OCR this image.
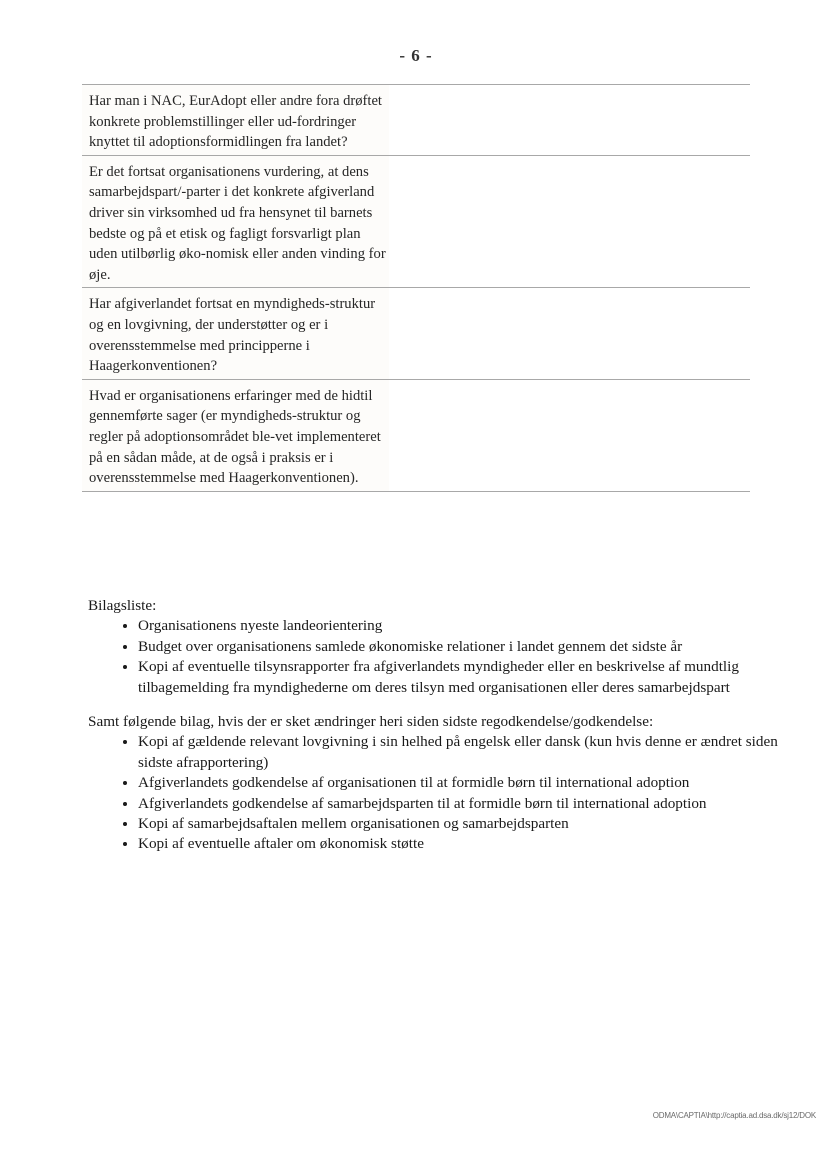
- 6 -
Har man i NAC, EurAdopt eller andre fora drøftet konkrete problemstillinger eller ud-fordringer knyttet til adoptionsformidlingen fra landet?
Er det fortsat organisationens vurdering, at dens samarbejdspart/-parter i det konkrete afgiverland driver sin virksomhed ud fra hensynet til barnets bedste og på et etisk og fagligt forsvarligt plan uden utilbørlig øko-nomisk eller anden vinding for øje.
Har afgiverlandet fortsat en myndigheds-struktur og en lovgivning, der understøtter og er i overensstemmelse med principperne i Haagerkonventionen?
Hvad er organisationens erfaringer med de hidtil gennemførte sager (er myndigheds-struktur og regler på adoptionsområdet ble-vet implementeret på en sådan måde, at de også i praksis er i overensstemmelse med Haagerkonventionen).

Bilagsliste:

• Organisationens nyeste landeorientering
• Budget over organisationens samlede økonomiske relationer i landet gennem det sidste år
• Kopi af eventuelle tilsynsrapporter fra afgiverlandets myndigheder eller en beskrivelse af mundtlig tilbagemelding fra myndighederne om deres tilsyn med organisationen eller deres samarbejdspart

Samt følgende bilag, hvis der er sket ændringer heri siden sidste regodkendelse/godkendelse:

• Kopi af gældende relevant lovgivning i sin helhed på engelsk eller dansk (kun hvis denne er ændret siden sidste afrapportering)
• Afgiverlandets godkendelse af organisationen til at formidle børn til international adoption
• Afgiverlandets godkendelse af samarbejdsparten til at formidle børn til international adoption
• Kopi af samarbejdsaftalen mellem organisationen og samarbejdsparten
• Kopi af eventuelle aftaler om økonomisk støtte
ODMA\CAPTIA\http://captia.ad.dsa.dk/sj12/DOK
